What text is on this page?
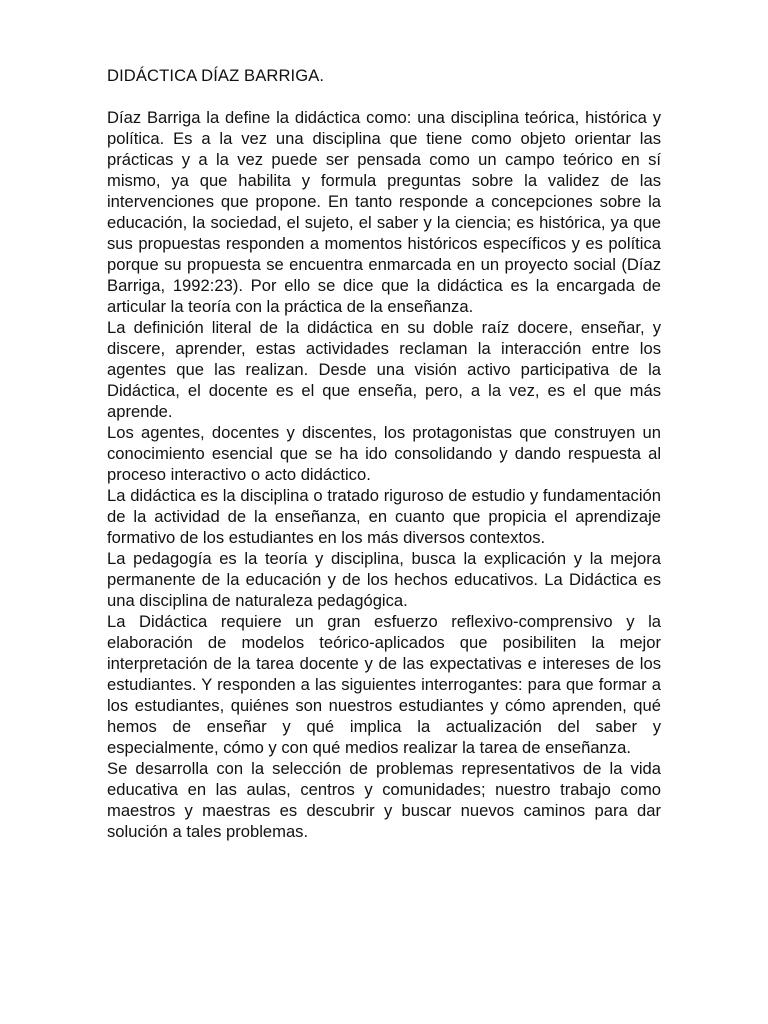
DIDÁCTICA DÍAZ BARRIGA.

Díaz Barriga la define la didáctica como: una disciplina teórica, histórica y política. Es a la vez una disciplina que tiene como objeto orientar las prácticas y a la vez puede ser pensada como un campo teórico en sí mismo, ya que habilita y formula preguntas sobre la validez de las intervenciones que propone. En tanto responde a concepciones sobre la educación, la sociedad, el sujeto, el saber y la ciencia; es histórica, ya que sus propuestas responden a momentos históricos específicos y es política porque su propuesta se encuentra enmarcada en un proyecto social (Díaz Barriga, 1992:23). Por ello se dice que la didáctica es la encargada de articular la teoría con la práctica de la enseñanza.

La definición literal de la didáctica en su doble raíz docere, enseñar, y discere, aprender, estas actividades reclaman la interacción entre los agentes que las realizan. Desde una visión activo participativa de la Didáctica, el docente es el que enseña, pero, a la vez, es el que más aprende.

Los agentes, docentes y discentes, los protagonistas que construyen un conocimiento esencial que se ha ido consolidando y dando respuesta al proceso interactivo o acto didáctico.

La didáctica es la disciplina o tratado riguroso de estudio y fundamentación de la actividad de la enseñanza, en cuanto que propicia el aprendizaje formativo de los estudiantes en los más diversos contextos.

La pedagogía es la teoría y disciplina, busca la explicación y la mejora permanente de la educación y de los hechos educativos. La Didáctica es una disciplina de naturaleza pedagógica.

La Didáctica requiere un gran esfuerzo reflexivo-comprensivo y la elaboración de modelos teórico-aplicados que posibiliten la mejor interpretación de la tarea docente y de las expectativas e intereses de los estudiantes. Y responden a las siguientes interrogantes: para que formar a los estudiantes, quiénes son nuestros estudiantes y cómo aprenden, qué hemos de enseñar y qué implica la actualización del saber y especialmente, cómo y con qué medios realizar la tarea de enseñanza.

Se desarrolla con la selección de problemas representativos de la vida educativa en las aulas, centros y comunidades; nuestro trabajo como maestros y maestras es descubrir y buscar nuevos caminos para dar solución a tales problemas.
